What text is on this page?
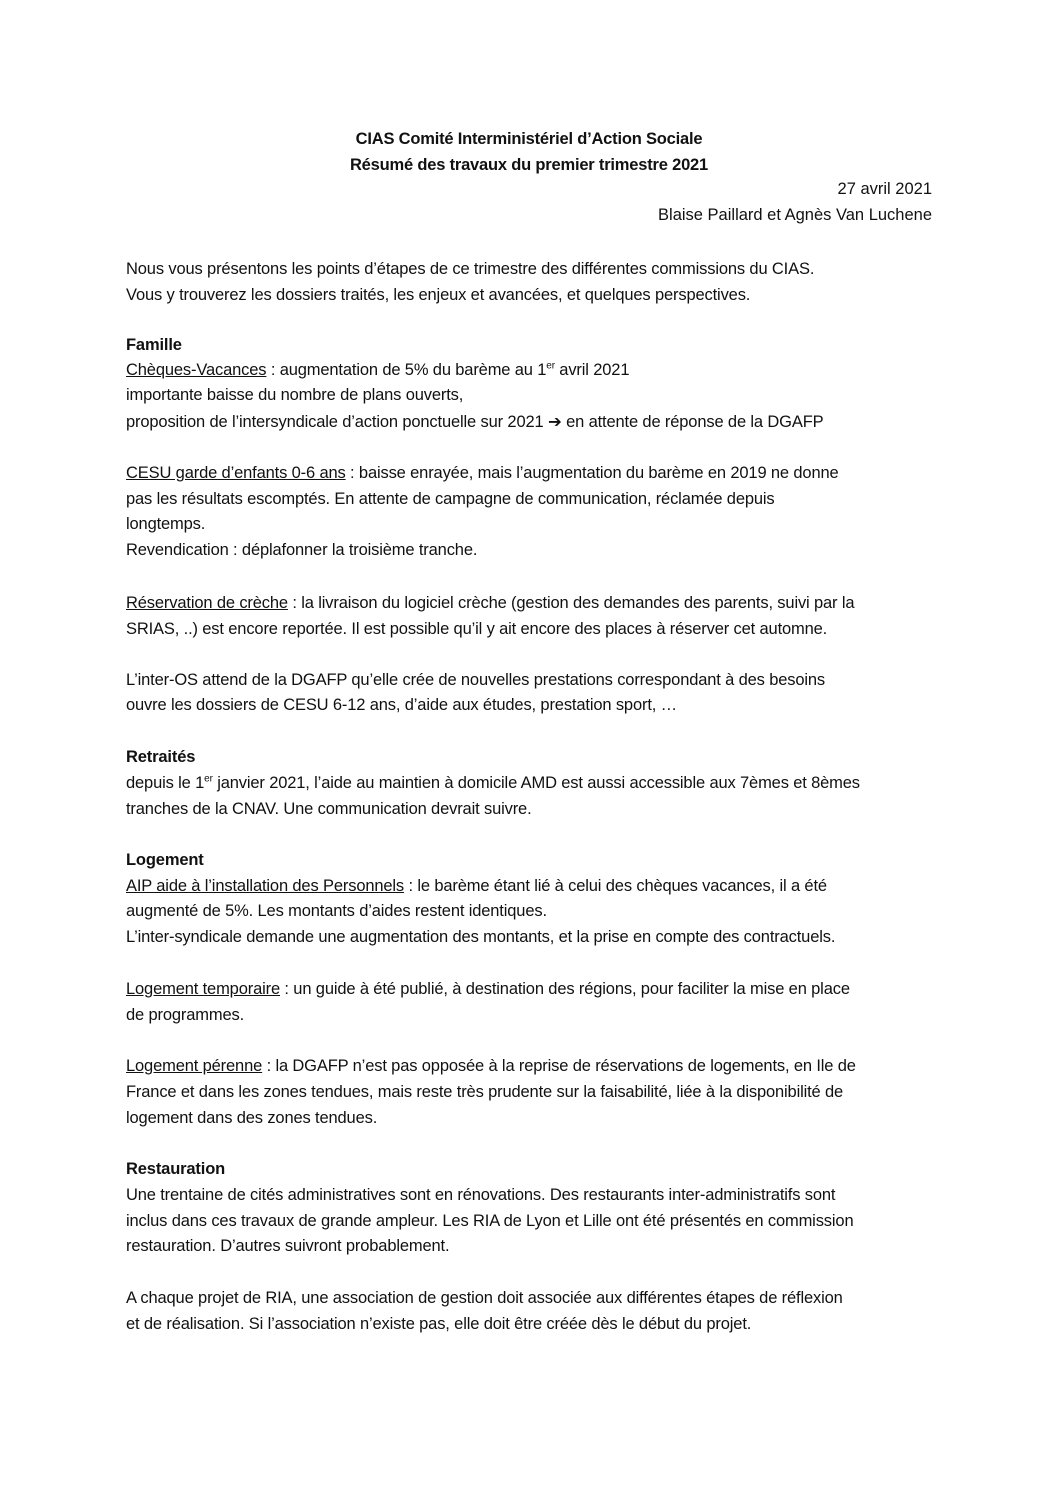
CIAS Comité Interministériel d’Action Sociale
Résumé des travaux du premier trimestre 2021
27 avril 2021
Blaise Paillard et Agnès Van Luchene
Nous vous présentons les points d’étapes de ce trimestre des différentes commissions du CIAS.
Vous y trouverez les dossiers traités, les enjeux et avancées, et quelques perspectives.
Famille
Chèques-Vacances : augmentation de 5% du barème au 1er avril 2021
importante baisse du nombre de plans ouverts,
proposition de l’intersyndicale d’action ponctuelle sur 2021 ➔ en attente de réponse de la DGAFP
CESU garde d’enfants 0-6 ans : baisse enrayée, mais l’augmentation du barème en 2019 ne donne
pas les résultats escomptés. En attente de campagne de communication, réclamée depuis
longtemps.
Revendication : déplafonner la troisième tranche.
Réservation de crèche : la livraison du logiciel crèche (gestion des demandes des parents, suivi par la
SRIAS, ..) est encore reportée. Il est possible qu’il y ait encore des places à réserver cet automne.
L’inter-OS attend de la DGAFP qu’elle crée de nouvelles prestations correspondant à des besoins
ouvre les dossiers de CESU 6-12 ans, d’aide aux études, prestation sport, …
Retraités
depuis le 1er janvier 2021, l’aide au maintien à domicile AMD est aussi accessible aux 7èmes et 8èmes
tranches de la CNAV. Une communication devrait suivre.
Logement
AIP aide à l’installation des Personnels : le barème étant lié à celui des chèques vacances, il a été
augmenté de 5%. Les montants d’aides restent identiques.
L’inter-syndicale demande une augmentation des montants, et la prise en compte des contractuels.
Logement temporaire : un guide à été publié, à destination des régions, pour faciliter la mise en place
de programmes.
Logement pérenne : la DGAFP n’est pas opposée à la reprise de réservations de logements, en Ile de
France et dans les zones tendues, mais reste très prudente sur la faisabilité, liée à la disponibilité de
logement dans des zones tendues.
Restauration
Une trentaine de cités administratives sont en rénovations. Des restaurants inter-administratifs sont
inclus dans ces travaux de grande ampleur. Les RIA de Lyon et Lille ont été présentés en commission
restauration. D’autres suivront probablement.
A chaque projet de RIA, une association de gestion doit associée aux différentes étapes de réflexion
et de réalisation. Si l’association n’existe pas, elle doit être créée dès le début du projet.
